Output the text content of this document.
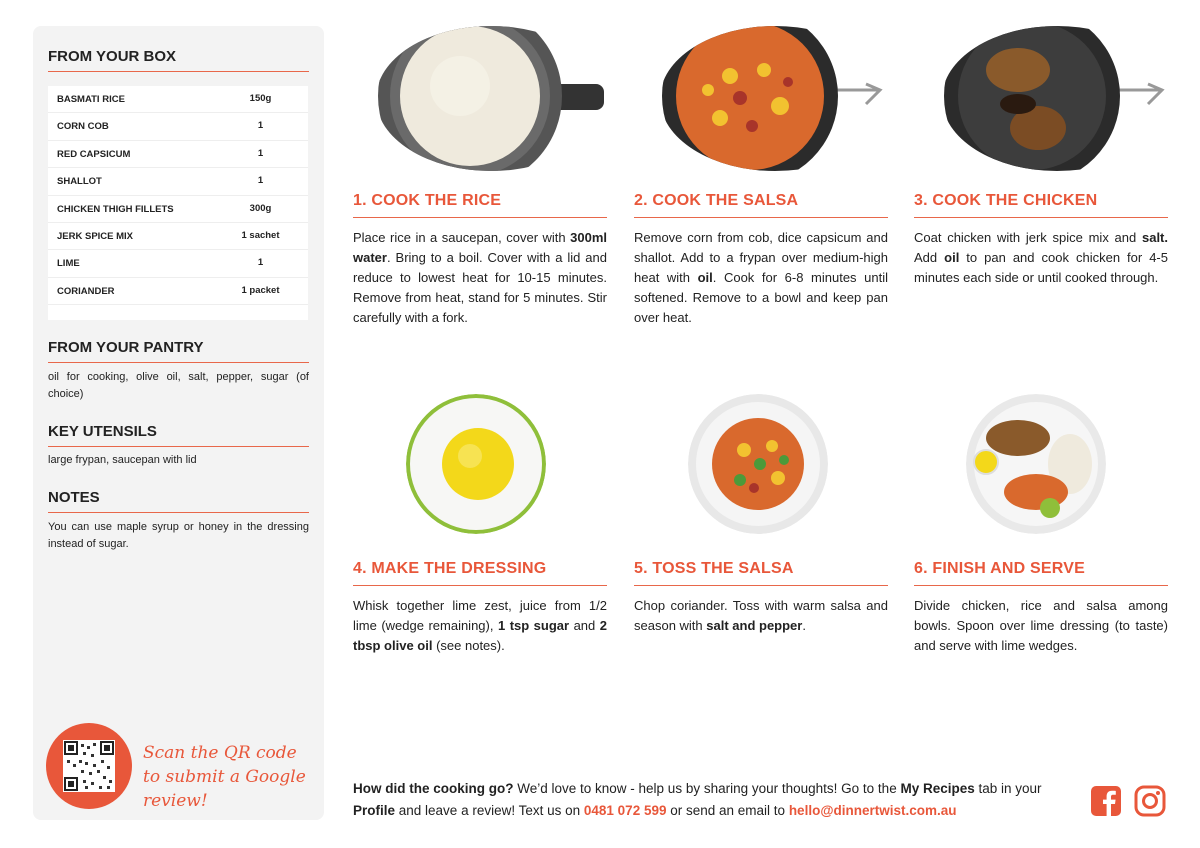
FROM YOUR BOX
BASMATI RICE	150g
CORN COB	1
RED CAPSICUM	1
SHALLOT	1
CHICKEN THIGH FILLETS	300g
JERK SPICE MIX	1 sachet
LIME	1
CORIANDER	1 packet
FROM YOUR PANTRY
oil for cooking, olive oil, salt, pepper, sugar (of choice)
KEY UTENSILS
large frypan, saucepan with lid
NOTES
You can use maple syrup or honey in the dressing instead of sugar.
Scan the QR code to submit a Google review!
1. COOK THE RICE
Place rice in a saucepan, cover with 300ml water. Bring to a boil. Cover with a lid and reduce to lowest heat for 10-15 minutes. Remove from heat, stand for 5 minutes. Stir carefully with a fork.
2. COOK THE SALSA
Remove corn from cob, dice capsicum and shallot. Add to a frypan over medium-high heat with oil. Cook for 6-8 minutes until softened. Remove to a bowl and keep pan over heat.
3. COOK THE CHICKEN
Coat chicken with jerk spice mix and salt. Add oil to pan and cook chicken for 4-5 minutes each side or until cooked through.
4. MAKE THE DRESSING
Whisk together lime zest, juice from 1/2 lime (wedge remaining), 1 tsp sugar and 2 tbsp olive oil (see notes).
5. TOSS THE SALSA
Chop coriander. Toss with warm salsa and season with salt and pepper.
6. FINISH AND SERVE
Divide chicken, rice and salsa among bowls. Spoon over lime dressing (to taste) and serve with lime wedges.
How did the cooking go? We’d love to know - help us by sharing your thoughts! Go to the My Recipes tab in your Profile and leave a review! Text us on 0481 072 599 or send an email to hello@dinnertwist.com.au
